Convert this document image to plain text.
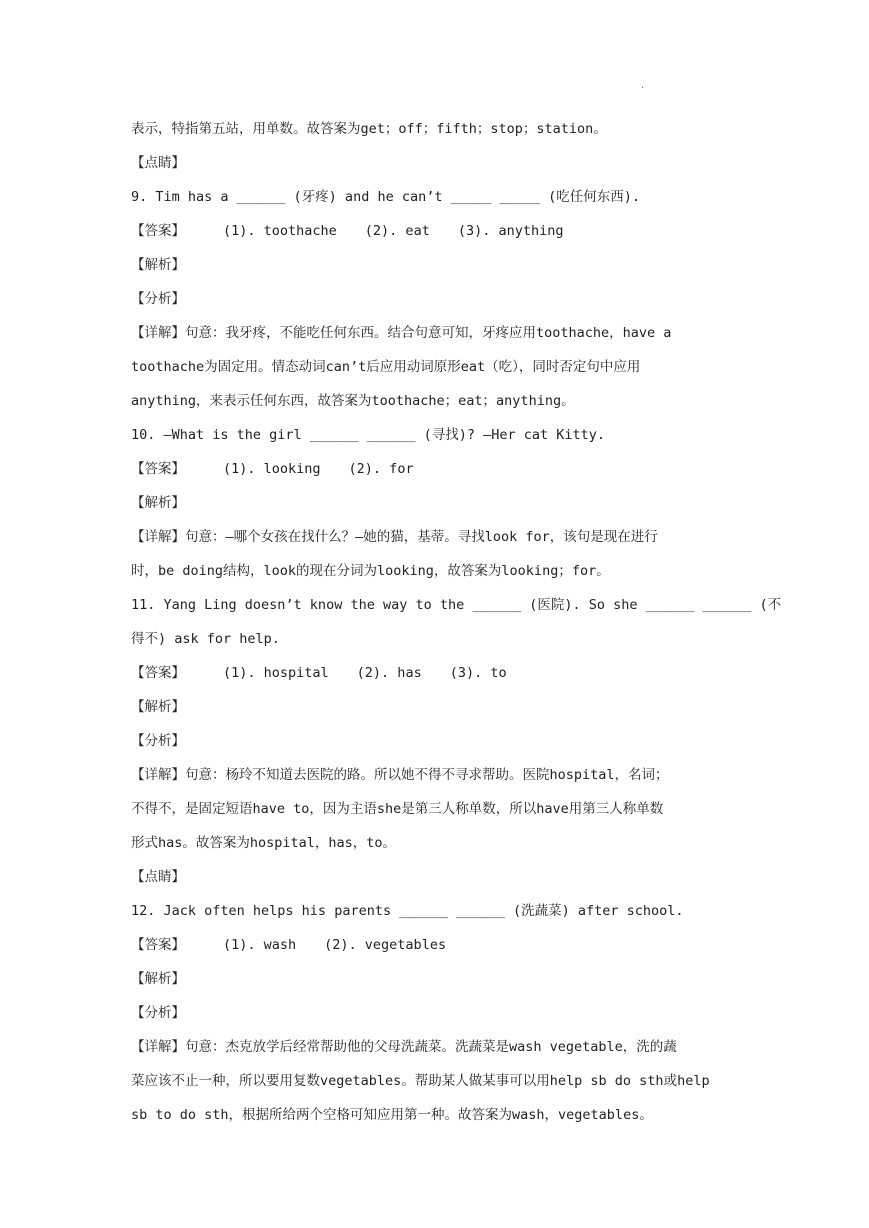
.
表示，特指第五站，用单数。故答案为get；off；fifth；stop；station。
【点睛】
9. Tim has a ______ (牙疼) and he can’t _____ _____ (吃任何东西).
【答案】	(1). toothache (2). eat (3). anything
【解析】
【分析】
【详解】句意：我牙疼，不能吃任何东西。结合句意可知，牙疼应用toothache，have a
toothache为固定用。情态动词can’t后应用动词原形eat（吃），同时否定句中应用
anything，来表示任何东西，故答案为toothache；eat；anything。
10. —What is the girl ______ ______ (寻找)? —Her cat Kitty.
【答案】	(1). looking (2). for
【解析】
【详解】句意：—哪个女孩在找什么？—她的猫，基蒂。寻找look for，该句是现在进行
时，be doing结构，look的现在分词为looking，故答案为looking；for。
11. Yang Ling doesn’t know the way to the ______ (医院). So she ______ ______ (不
得不) ask for help.
【答案】	(1). hospital (2). has (3). to
【解析】
【分析】
【详解】句意：杨玲不知道去医院的路。所以她不得不寻求帮助。医院hospital，名词；
不得不，是固定短语have to，因为主语she是第三人称单数，所以have用第三人称单数
形式has。故答案为hospital，has，to。
【点睛】
12. Jack often helps his parents ______ ______ (洗蔬菜) after school.
【答案】	(1). wash (2). vegetables
【解析】
【分析】
【详解】句意：杰克放学后经常帮助他的父母洗蔬菜。洗蔬菜是wash vegetable，洗的蔬
菜应该不止一种，所以要用复数vegetables。帮助某人做某事可以用help sb do sth或help
sb to do sth，根据所给两个空格可知应用第一种。故答案为wash，vegetables。
